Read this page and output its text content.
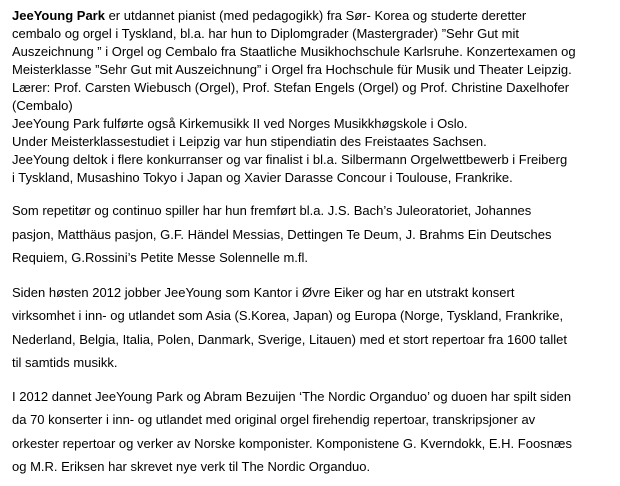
JeeYoung Park er utdannet pianist (med pedagogikk) fra Sør- Korea og studerte deretter
cembalo og orgel i Tyskland, bl.a. har hun to Diplomgrader (Mastergrader) ”Sehr Gut mit
Auszeichnung ” i Orgel og Cembalo fra Staatliche Musikhochschule Karlsruhe. Konzertexamen og
Meisterklasse ”Sehr Gut mit Auszeichnung” i Orgel fra Hochschule für Musik und Theater Leipzig.
Lærer: Prof. Carsten Wiebusch (Orgel), Prof. Stefan Engels (Orgel) og Prof. Christine Daxelhofer
(Cembalo)
JeeYoung Park fulførte også Kirkemusikk II ved Norges Musikkhøgskole i Oslo.
Under Meisterklassestudiet i Leipzig var hun stipendiatin des Freistaates Sachsen.
JeeYoung deltok i flere konkurranser og var finalist i bl.a. Silbermann Orgelwettbewerb i Freiberg
i Tyskland, Musashino Tokyo i Japan og Xavier Darasse Concour i Toulouse, Frankrike.
Som repetitør og continuo spiller har hun fremført bl.a. J.S. Bach’s Juleoratoriet, Johannes
pasjon, Matthäus pasjon, G.F. Händel Messias, Dettingen Te Deum, J. Brahms Ein Deutsches
Requiem, G.Rossini’s Petite Messe Solennelle m.fl.
Siden høsten 2012 jobber JeeYoung som Kantor i Øvre Eiker og har en utstrakt konsert
virksomhet i inn- og utlandet som Asia (S.Korea, Japan) og Europa (Norge, Tyskland, Frankrike,
Nederland, Belgia, Italia, Polen, Danmark, Sverige, Litauen) med et stort repertoar fra 1600 tallet
til samtids musikk.
I 2012 dannet JeeYoung Park og Abram Bezuijen ‘The Nordic Organduo’ og duoen har spilt siden
da 70 konserter i inn- og utlandet med original orgel firehendig repertoar, transkripsjoner av
orkester repertoar og verker av Norske komponister. Komponistene G. Kverndokk, E.H. Foosnæs
og M.R. Eriksen har skrevet nye verk til The Nordic Organduo.
